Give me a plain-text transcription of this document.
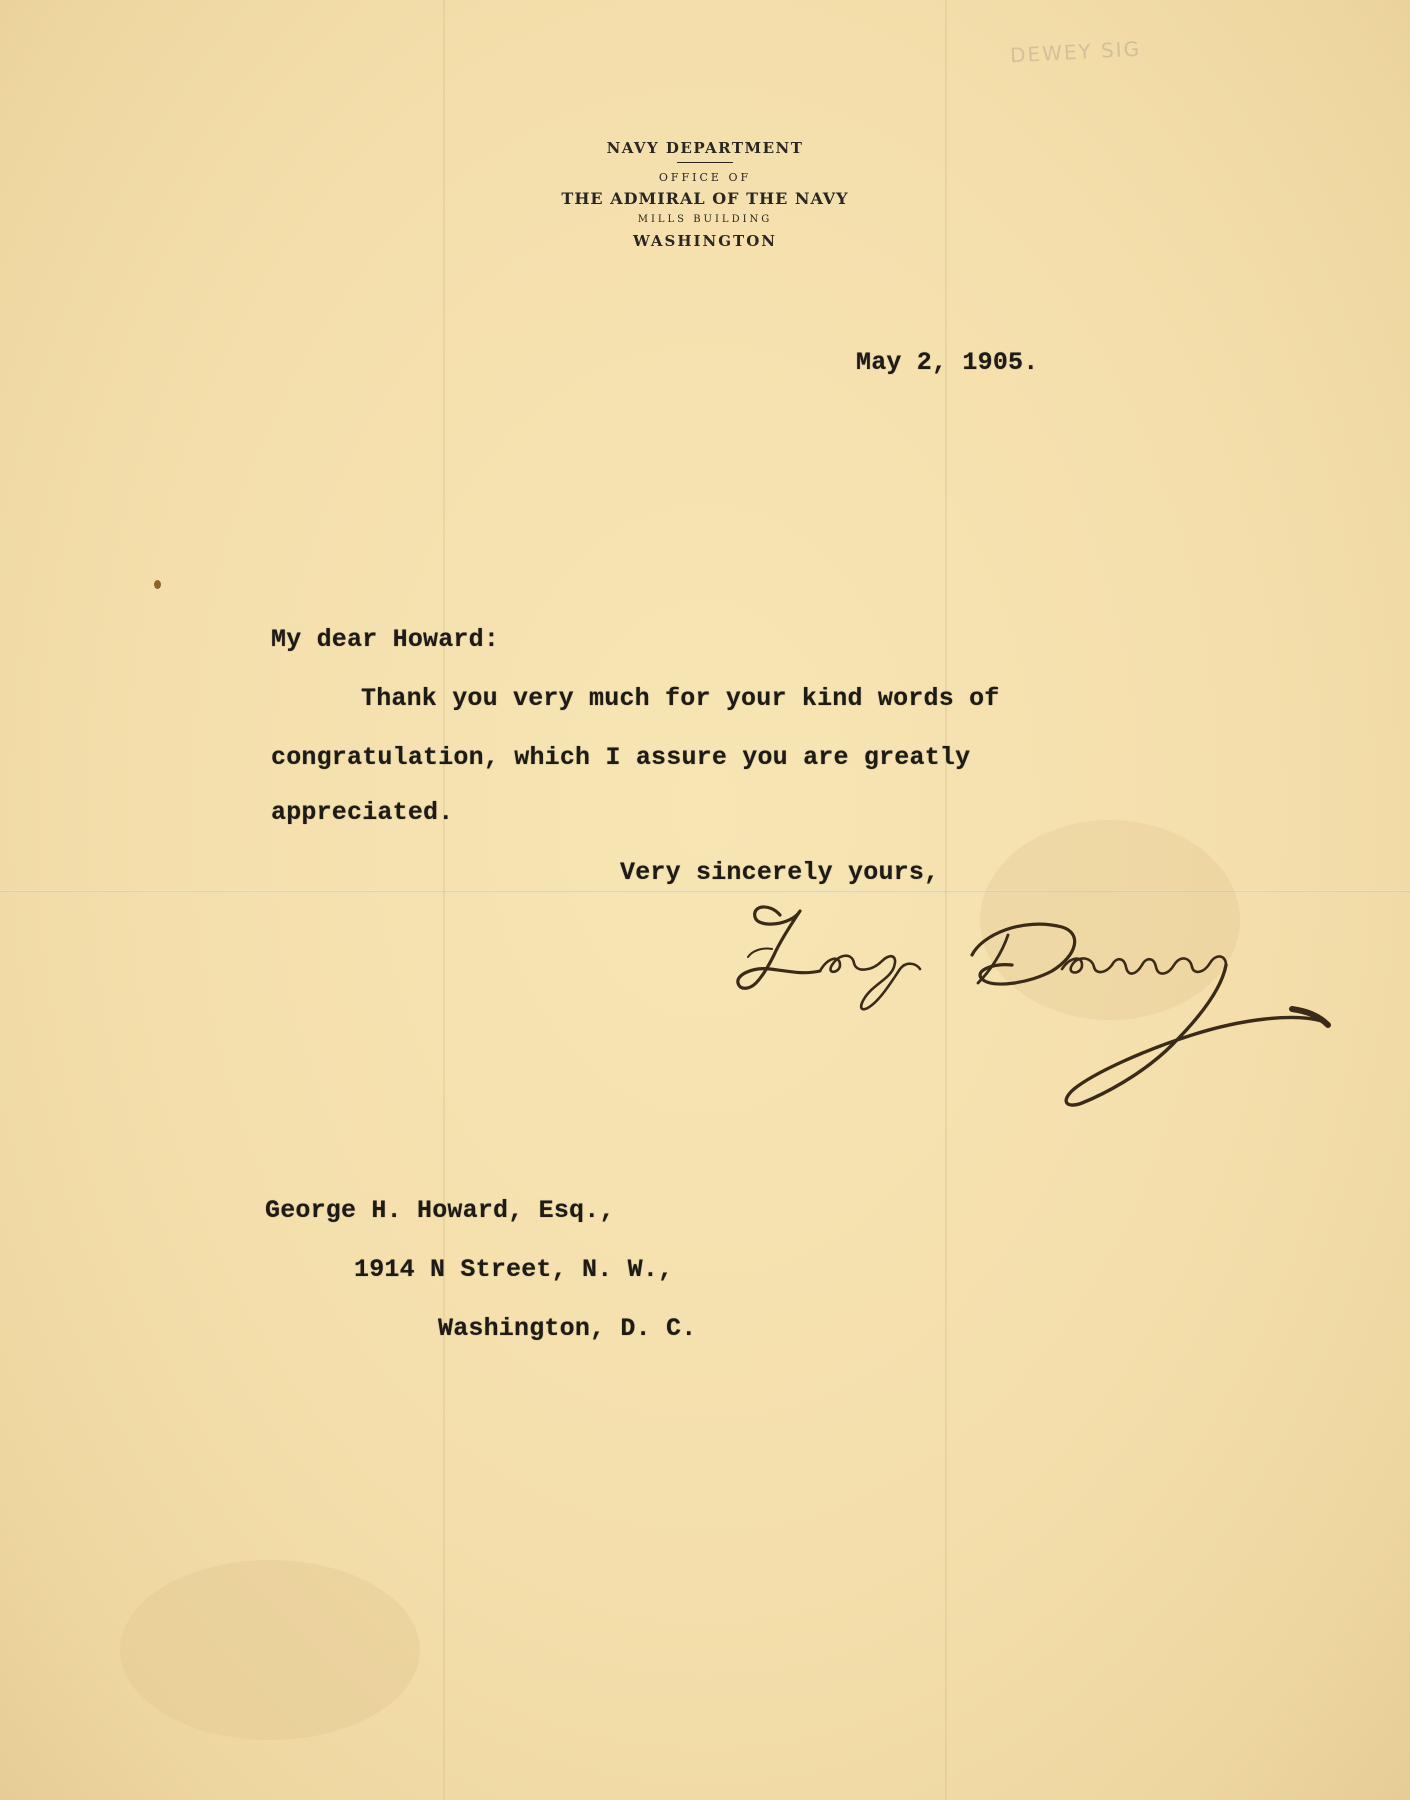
DEWEY SIG
NAVY DEPARTMENT
OFFICE OF
THE ADMIRAL OF THE NAVY
MILLS BUILDING
WASHINGTON
May 2, 1905.
My dear Howard:
Thank you very much for your kind words of
congratulation, which I assure you are greatly
appreciated.
Very sincerely yours,
George H. Howard, Esq.,
1914 N Street, N. W.,
Washington, D. C.
